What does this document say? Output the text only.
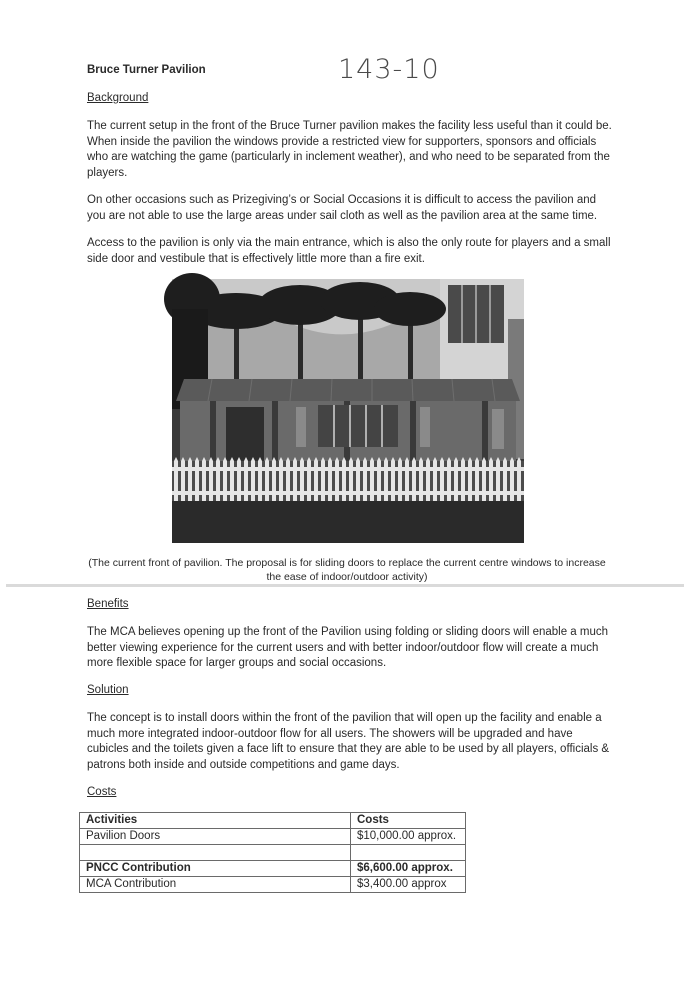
Bruce Turner Pavilion	143-10
Background
The current setup in the front of the Bruce Turner pavilion makes the facility less useful than it could be. When inside the pavilion the windows provide a restricted view for supporters, sponsors and officials who are watching the game (particularly in inclement weather), and who need to be separated from the players.
On other occasions such as Prizegiving’s or Social Occasions it is difficult to access the pavilion and you are not able to use the large areas under sail cloth as well as the pavilion area at the same time.
Access to the pavilion is only via the main entrance, which is also the only route for players and a small side door and vestibule that is effectively little more than a fire exit.
(The current front of pavilion. The proposal is for sliding doors to replace the current centre windows to increase the ease of indoor/outdoor activity)
Benefits
The MCA believes opening up the front of the Pavilion using folding or sliding doors will enable a much better viewing experience for the current users and with better indoor/outdoor flow will create a much more flexible space for larger groups and social occasions.
Solution
The concept is to install doors within the front of the pavilion that will open up the facility and enable a much more integrated indoor-outdoor flow for all users. The showers will be upgraded and have cubicles and the toilets given a face lift to ensure that they are able to be used by all players, officials & patrons both inside and outside competitions and game days.
Costs
Activities	Costs
Pavilion Doors	$10,000.00 approx.

PNCC Contribution	$6,600.00 approx.
MCA Contribution	$3,400.00 approx
